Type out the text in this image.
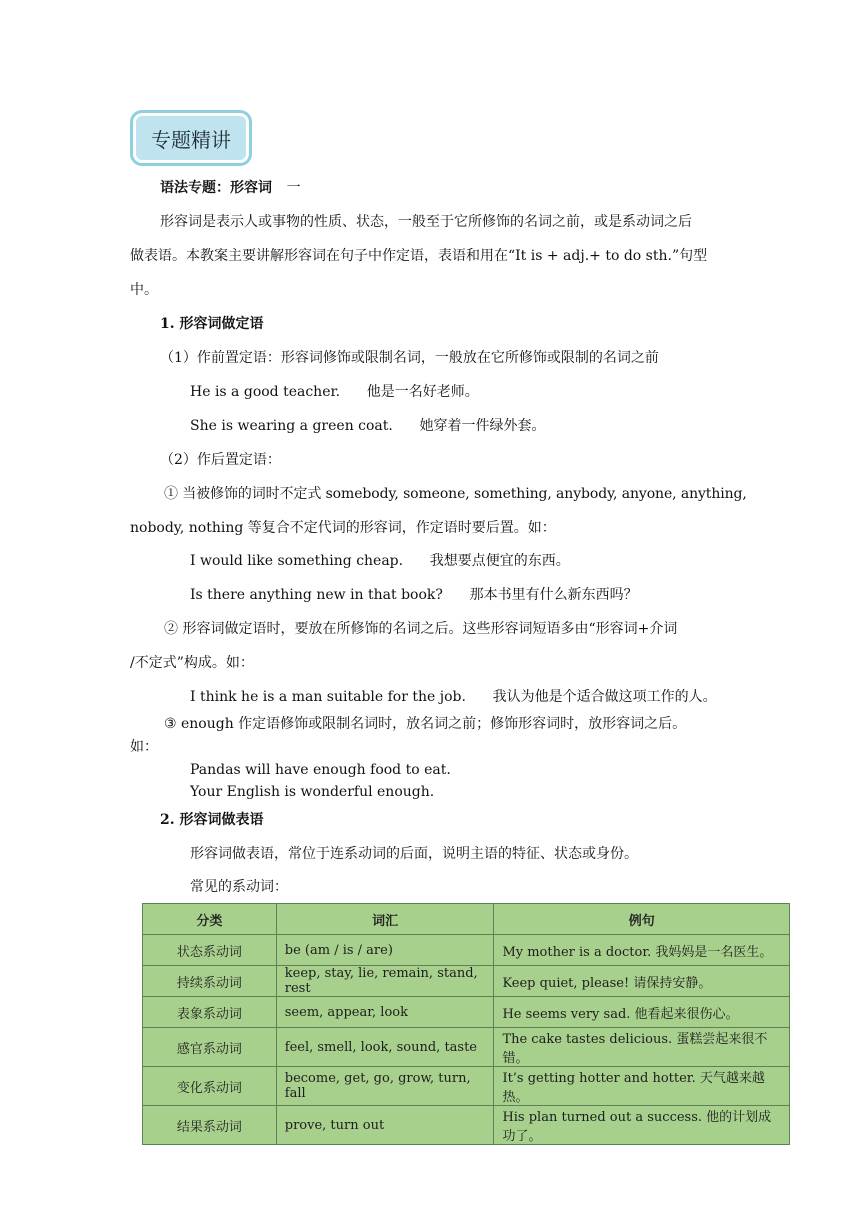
专题精讲
语法专题：形容词 一
形容词是表示人或事物的性质、状态，一般至于它所修饰的名词之前，或是系动词之后
做表语。本教案主要讲解形容词在句子中作定语，表语和用在“It is + adj.+ to do sth.”句型
中。
1. 形容词做定语
（1）作前置定语：形容词修饰或限制名词，一般放在它所修饰或限制的名词之前
He is a good teacher. 他是一名好老师。
She is wearing a green coat. 她穿着一件绿外套。
（2）作后置定语：
① 当被修饰的词时不定式 somebody, someone, something, anybody, anyone, anything,
nobody, nothing 等复合不定代词的形容词，作定语时要后置。如：
I would like something cheap. 我想要点便宜的东西。
Is there anything new in that book? 那本书里有什么新东西吗？
② 形容词做定语时，要放在所修饰的名词之后。这些形容词短语多由“形容词+介词
/不定式”构成。如：
I think he is a man suitable for the job. 我认为他是个适合做这项工作的人。
③ enough 作定语修饰或限制名词时，放名词之前；修饰形容词时，放形容词之后。
如：
Pandas will have enough food to eat.
Your English is wonderful enough.
2. 形容词做表语
形容词做表语，常位于连系动词的后面，说明主语的特征、状态或身份。
常见的系动词：
分类	词汇	例句
状态系动词	be (am / is / are)	My mother is a doctor. 我妈妈是一名医生。
持续系动词	keep, stay, lie, remain, stand, rest	Keep quiet, please! 请保持安静。
表象系动词	seem, appear, look	He seems very sad. 他看起来很伤心。
感官系动词	feel, smell, look, sound, taste	The cake tastes delicious. 蛋糕尝起来很不错。
变化系动词	become, get, go, grow, turn, fall	It’s getting hotter and hotter. 天气越来越热。
结果系动词	prove, turn out	His plan turned out a success. 他的计划成功了。
